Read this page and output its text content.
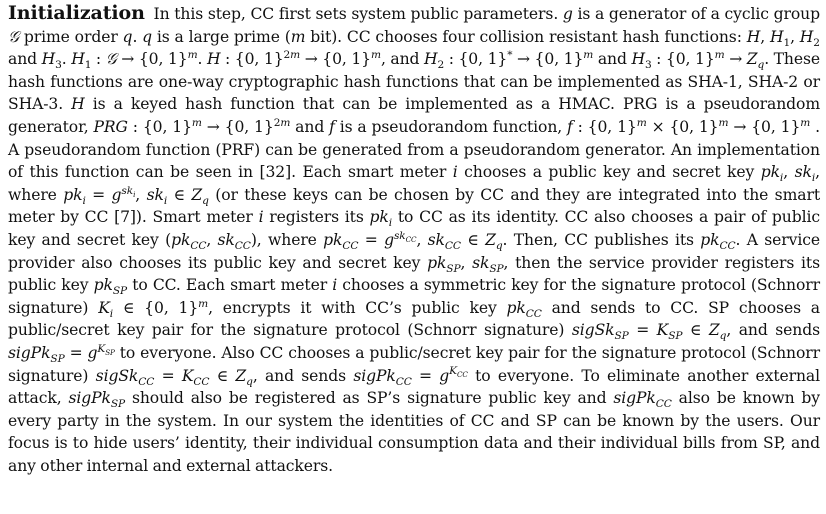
Initialization In this step, CC first sets system public parameters. g is a generator of a cyclic group 𝒢 prime order q. q is a large prime (m bit). CC chooses four collision resistant hash functions: H, $H_1$, $H_2$ and $H_3$. $H_1$ : 𝒢 → {0, 1}$^m$. H : {0, 1}$^{2m}$ → {0, 1}$^m$, and $H_2$ : {0, 1}* → {0, 1}$^m$ and $H_3$ : {0, $1\}^m \to Z_q$. These hash functions are one-way cryptographic hash functions that can be implemented as SHA-1, SHA-2 or SHA-3. H is a keyed hash function that can be implemented as a HMAC. PRG is a pseudorandom generator, PRG : {0, 1}$^m$ → {0, 1}$^{2m}$ and f is a pseudorandom function, f : {0, 1}$^m$ × {0, 1}$^m$ → {0, 1}$^m$ . A pseudorandom function (PRF) can be generated from a pseudorandom generator. An implementation of this function can be seen in [32]. Each smart meter i chooses a public key and secret key $pk_i$, $sk_i$, where $pk_i = g^{sk_i}$, $sk_i$ ∈ $Z_q$ (or these keys can be chosen by CC and they are integrated into the smart meter by CC [7]). Smart meter i registers its $pk_i$ to CC as its identity. CC also chooses a pair of public key and secret key ($pk_{CC}$, $sk_{CC}$), where $pk_{CC} = g^{sk_{CC}}$, $sk_{CC}$ ∈ $Z_q$. Then, CC publishes its $pk_{CC}$. A service provider also chooses its public key and secret key $pk_{SP}$, $sk_{SP}$, then the service provider registers its public key $pk_{SP}$ to CC. Each smart meter i chooses a symmetric key for the signature protocol (Schnorr signature) $K_i$ ∈ {0, 1}$^m$, encrypts it with CC’s public key $pk_{CC}$ and sends to CC. SP chooses a public/secret key pair for the signature protocol (Schnorr signature) sigSk$_{SP}$ = $K_{SP}$ ∈ $Z_q$, and sends sigPk$_{SP}$ = $g^{K_{SP}}$ to everyone. Also CC chooses a public/secret key pair for the signature protocol (Schnorr signature) sigSk$_{CC}$ = $K_{CC}$ ∈ $Z_q$, and sends sigPk$_{CC}$ = $g^{K_{CC}}$ to everyone. To eliminate another external attack, sigPk$_{SP}$ should also be registered as SP’s signature public key and sigPk$_{CC}$ also be known by every party in the system. In our system the identities of CC and SP can be known by the users. Our focus is to hide users’ identity, their individual consumption data and their individual bills from SP, and any other internal and external attackers.
